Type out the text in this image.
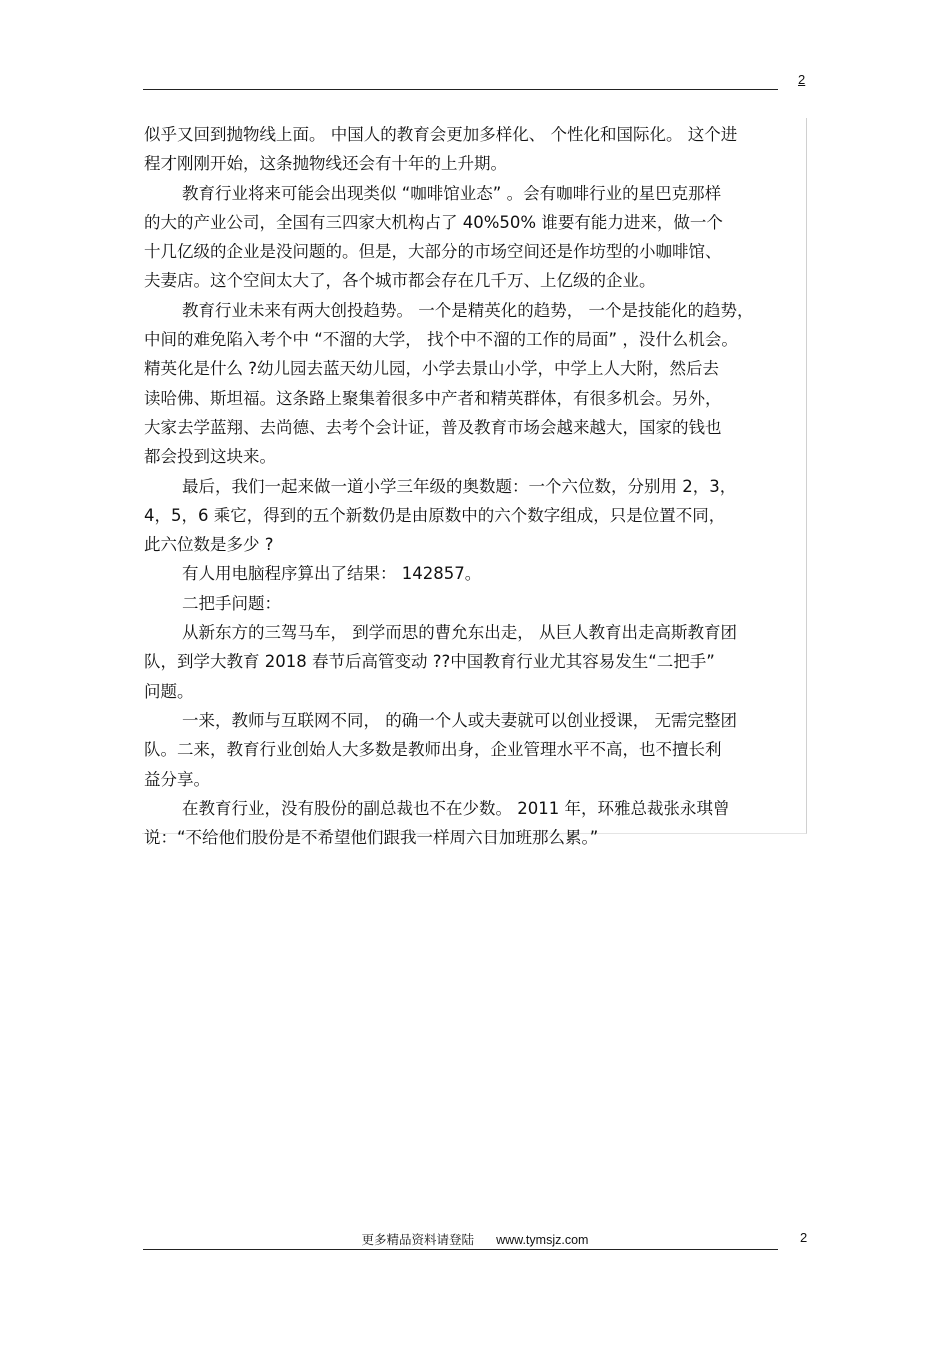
2
似乎又回到抛物线上面。 中国人的教育会更加多样化、 个性化和国际化。 这个进
程才刚刚开始，这条抛物线还会有十年的上升期。
教育行业将来可能会出现类似 “咖啡馆业态” 。会有咖啡行业的星巴克那样
的大的产业公司，全国有三四家大机构占了 40%50% 谁要有能力进来，做一个
十几亿级的企业是没问题的。但是，大部分的市场空间还是作坊型的小咖啡馆、
夫妻店。这个空间太大了，各个城市都会存在几千万、上亿级的企业。
教育行业未来有两大创投趋势。 一个是精英化的趋势， 一个是技能化的趋势，
中间的难免陷入考个中 “不溜的大学， 找个中不溜的工作的局面” ，没什么机会。
精英化是什么 ?幼儿园去蓝天幼儿园，小学去景山小学，中学上人大附，然后去
读哈佛、斯坦福。这条路上聚集着很多中产者和精英群体，有很多机会。另外，
大家去学蓝翔、去尚德、去考个会计证，普及教育市场会越来越大，国家的钱也
都会投到这块来。
最后，我们一起来做一道小学三年级的奥数题：一个六位数，分别用 2，3，
4，5，6 乘它，得到的五个新数仍是由原数中的六个数字组成，只是位置不同，
此六位数是多少 ?
有人用电脑程序算出了结果： 142857。
二把手问题：
从新东方的三驾马车， 到学而思的曹允东出走， 从巨人教育出走高斯教育团
队，到学大教育 2018 春节后高管变动 ??中国教育行业尤其容易发生“二把手”
问题。
一来，教师与互联网不同， 的确一个人或夫妻就可以创业授课， 无需完整团
队。二来，教育行业创始人大多数是教师出身，企业管理水平不高，也不擅长利
益分享。
在教育行业，没有股份的副总裁也不在少数。 2011 年，环雅总裁张永琪曾
说：“不给他们股份是不希望他们跟我一样周六日加班那么累。”
更多精品资料请登陆 www.tymsjz.com	2
